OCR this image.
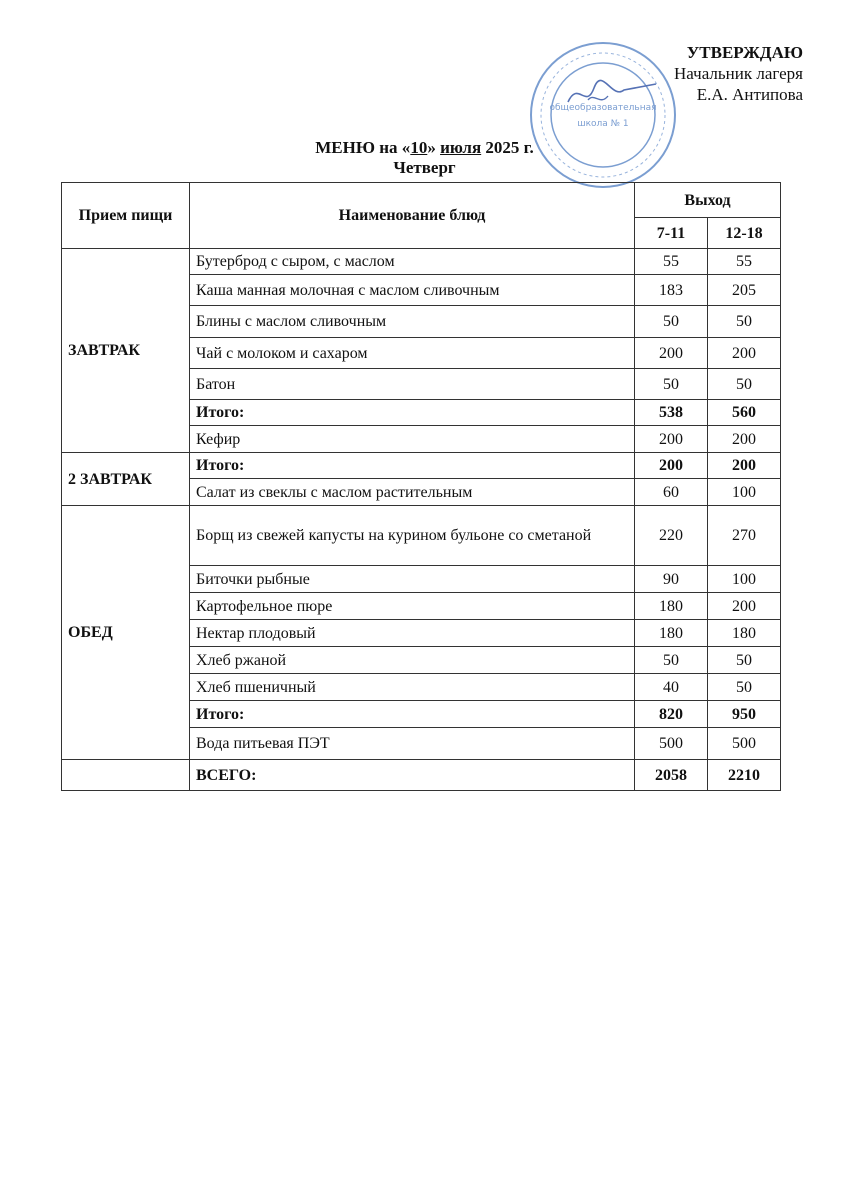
УТВЕРЖДАЮ
Начальник лагеря
Е.А. Антипова
общеобразовательная
школа № 1
МЕНЮ на «10» июля 2025 г.
Четверг
Прием пищи	Наименование блюд	Выход	
		7-11	12-18
ЗАВТРАК	Бутерброд с сыром, с маслом	55	55
	Каша манная молочная с маслом сливочным	183	205
	Блины с маслом сливочным	50	50
	Чай с молоком и сахаром	200	200
	Батон	50	50
	Итого:	538	560
	Кефир	200	200
2 ЗАВТРАК	Итого:	200	200
	Салат из свеклы с маслом растительным	60	100
ОБЕД	Борщ из свежей капусты на курином бульоне со сметаной	220	270
	Биточки рыбные	90	100
	Картофельное пюре	180	200
	Нектар плодовый	180	180
	Хлеб ржаной	50	50
	Хлеб пшеничный	40	50
	Итого:	820	950
	Вода питьевая ПЭТ	500	500
	ВСЕГО:	2058	2210
